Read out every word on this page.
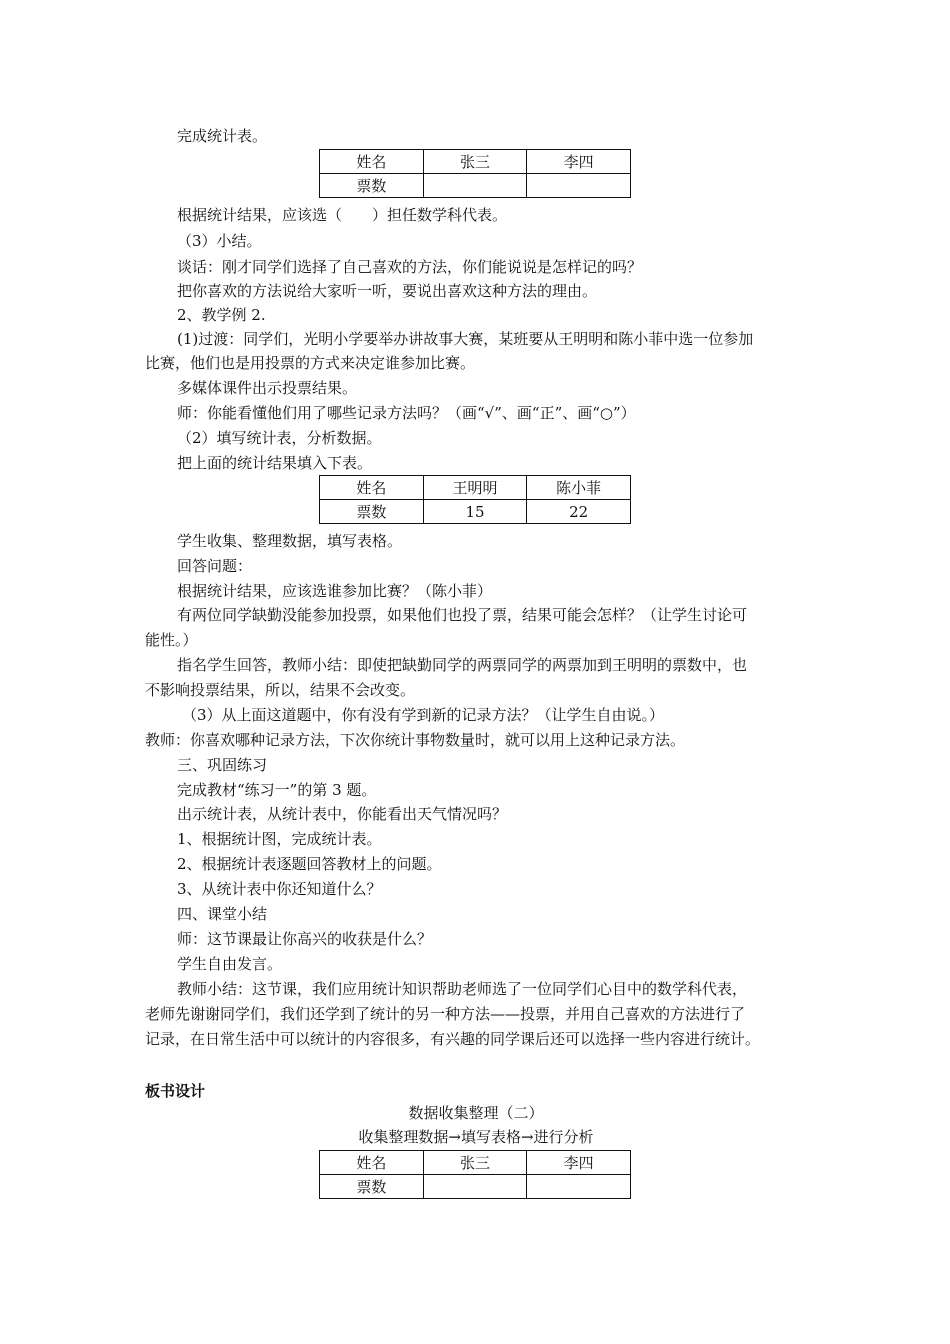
完成统计表。
姓名	张三	李四
票数		
根据统计结果，应该选（　　）担任数学科代表。
（3）小结。
谈话：刚才同学们选择了自己喜欢的方法，你们能说说是怎样记的吗？
把你喜欢的方法说给大家听一听，要说出喜欢这种方法的理由。
2、教学例 2.
(1)过渡：同学们，光明小学要举办讲故事大赛，某班要从王明明和陈小菲中选一位参加
比赛，他们也是用投票的方式来决定谁参加比赛。
多媒体课件出示投票结果。
师：你能看懂他们用了哪些记录方法吗？（画“√”、画“正”、画“○”）
（2）填写统计表，分析数据。
把上面的统计结果填入下表。
姓名	王明明	陈小菲
票数	15	22
学生收集、整理数据，填写表格。
回答问题：
根据统计结果，应该选谁参加比赛？（陈小菲）
有两位同学缺勤没能参加投票，如果他们也投了票，结果可能会怎样？（让学生讨论可
能性。）
指名学生回答，教师小结：即使把缺勤同学的两票同学的两票加到王明明的票数中，也
不影响投票结果，所以，结果不会改变。
（3）从上面这道题中，你有没有学到新的记录方法？（让学生自由说。）
教师：你喜欢哪种记录方法，下次你统计事物数量时，就可以用上这种记录方法。
三、巩固练习
完成教材“练习一”的第 3 题。
出示统计表，从统计表中，你能看出天气情况吗？
1、根据统计图，完成统计表。
2、根据统计表逐题回答教材上的问题。
3、从统计表中你还知道什么？
四、课堂小结
师：这节课最让你高兴的收获是什么？
学生自由发言。
教师小结：这节课，我们应用统计知识帮助老师选了一位同学们心目中的数学科代表，
老师先谢谢同学们，我们还学到了统计的另一种方法——投票，并用自己喜欢的方法进行了
记录，在日常生活中可以统计的内容很多，有兴趣的同学课后还可以选择一些内容进行统计。
板书设计
数据收集整理（二）
收集整理数据→填写表格→进行分析
姓名	张三	李四
票数		
